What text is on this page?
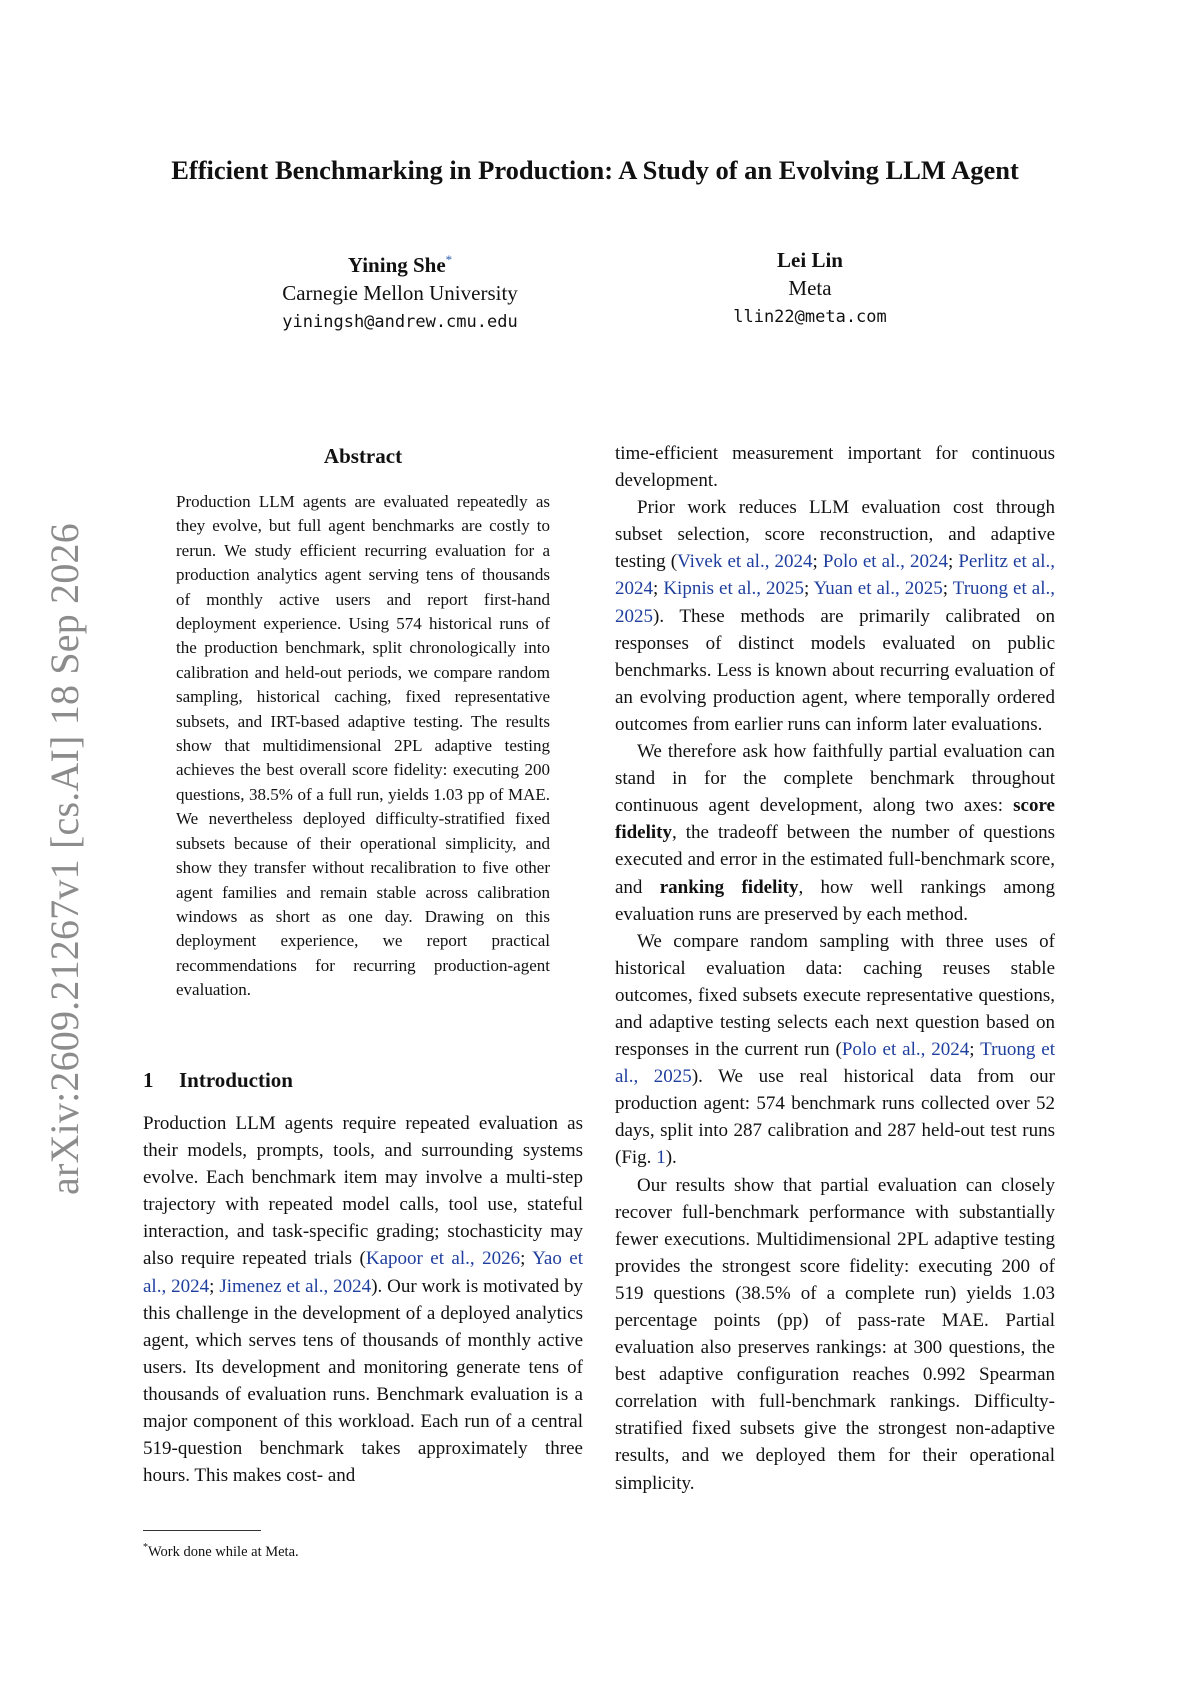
arXiv:2609.21267v1 [cs.AI] 18 Sep 2026
Efficient Benchmarking in Production: A Study of an Evolving LLM Agent
Yining She*
Carnegie Mellon University
yiningsh@andrew.cmu.edu
Lei Lin
Meta
llin22@meta.com
Abstract
Production LLM agents are evaluated repeatedly as they evolve, but full agent benchmarks are costly to rerun. We study efficient recurring evaluation for a production analytics agent serving tens of thousands of monthly active users and report first-hand deployment experience. Using 574 historical runs of the production benchmark, split chronologically into calibration and held-out periods, we compare random sampling, historical caching, fixed representative subsets, and IRT-based adaptive testing. The results show that multidimensional 2PL adaptive testing achieves the best overall score fidelity: executing 200 questions, 38.5% of a full run, yields 1.03 pp of MAE. We nevertheless deployed difficulty-stratified fixed subsets because of their operational simplicity, and show they transfer without recalibration to five other agent families and remain stable across calibration windows as short as one day. Drawing on this deployment experience, we report practical recommendations for recurring production-agent evaluation.
1 Introduction
Production LLM agents require repeated evaluation as their models, prompts, tools, and surrounding systems evolve. Each benchmark item may involve a multi-step trajectory with repeated model calls, tool use, stateful interaction, and task-specific grading; stochasticity may also require repeated trials (Kapoor et al., 2026; Yao et al., 2024; Jimenez et al., 2024). Our work is motivated by this challenge in the development of a deployed analytics agent, which serves tens of thousands of monthly active users. Its development and monitoring generate tens of thousands of evaluation runs. Benchmark evaluation is a major component of this workload. Each run of a central 519-question benchmark takes approximately three hours. This makes cost- and
*Work done while at Meta.

time-efficient measurement important for continuous development.

Prior work reduces LLM evaluation cost through subset selection, score reconstruction, and adaptive testing (Vivek et al., 2024; Polo et al., 2024; Perlitz et al., 2024; Kipnis et al., 2025; Yuan et al., 2025; Truong et al., 2025). These methods are primarily calibrated on responses of distinct models evaluated on public benchmarks. Less is known about recurring evaluation of an evolving production agent, where temporally ordered outcomes from earlier runs can inform later evaluations.

We therefore ask how faithfully partial evaluation can stand in for the complete benchmark throughout continuous agent development, along two axes: score fidelity, the tradeoff between the number of questions executed and error in the estimated full-benchmark score, and ranking fidelity, how well rankings among evaluation runs are preserved by each method.

We compare random sampling with three uses of historical evaluation data: caching reuses stable outcomes, fixed subsets execute representative questions, and adaptive testing selects each next question based on responses in the current run (Polo et al., 2024; Truong et al., 2025). We use real historical data from our production agent: 574 benchmark runs collected over 52 days, split into 287 calibration and 287 held-out test runs (Fig. 1).

Our results show that partial evaluation can closely recover full-benchmark performance with substantially fewer executions. Multidimensional 2PL adaptive testing provides the strongest score fidelity: executing 200 of 519 questions (38.5% of a complete run) yields 1.03 percentage points (pp) of pass-rate MAE. Partial evaluation also preserves rankings: at 300 questions, the best adaptive configuration reaches 0.992 Spearman correlation with full-benchmark rankings. Difficulty-stratified fixed subsets give the strongest non-adaptive results, and we deployed them for their operational simplicity.
